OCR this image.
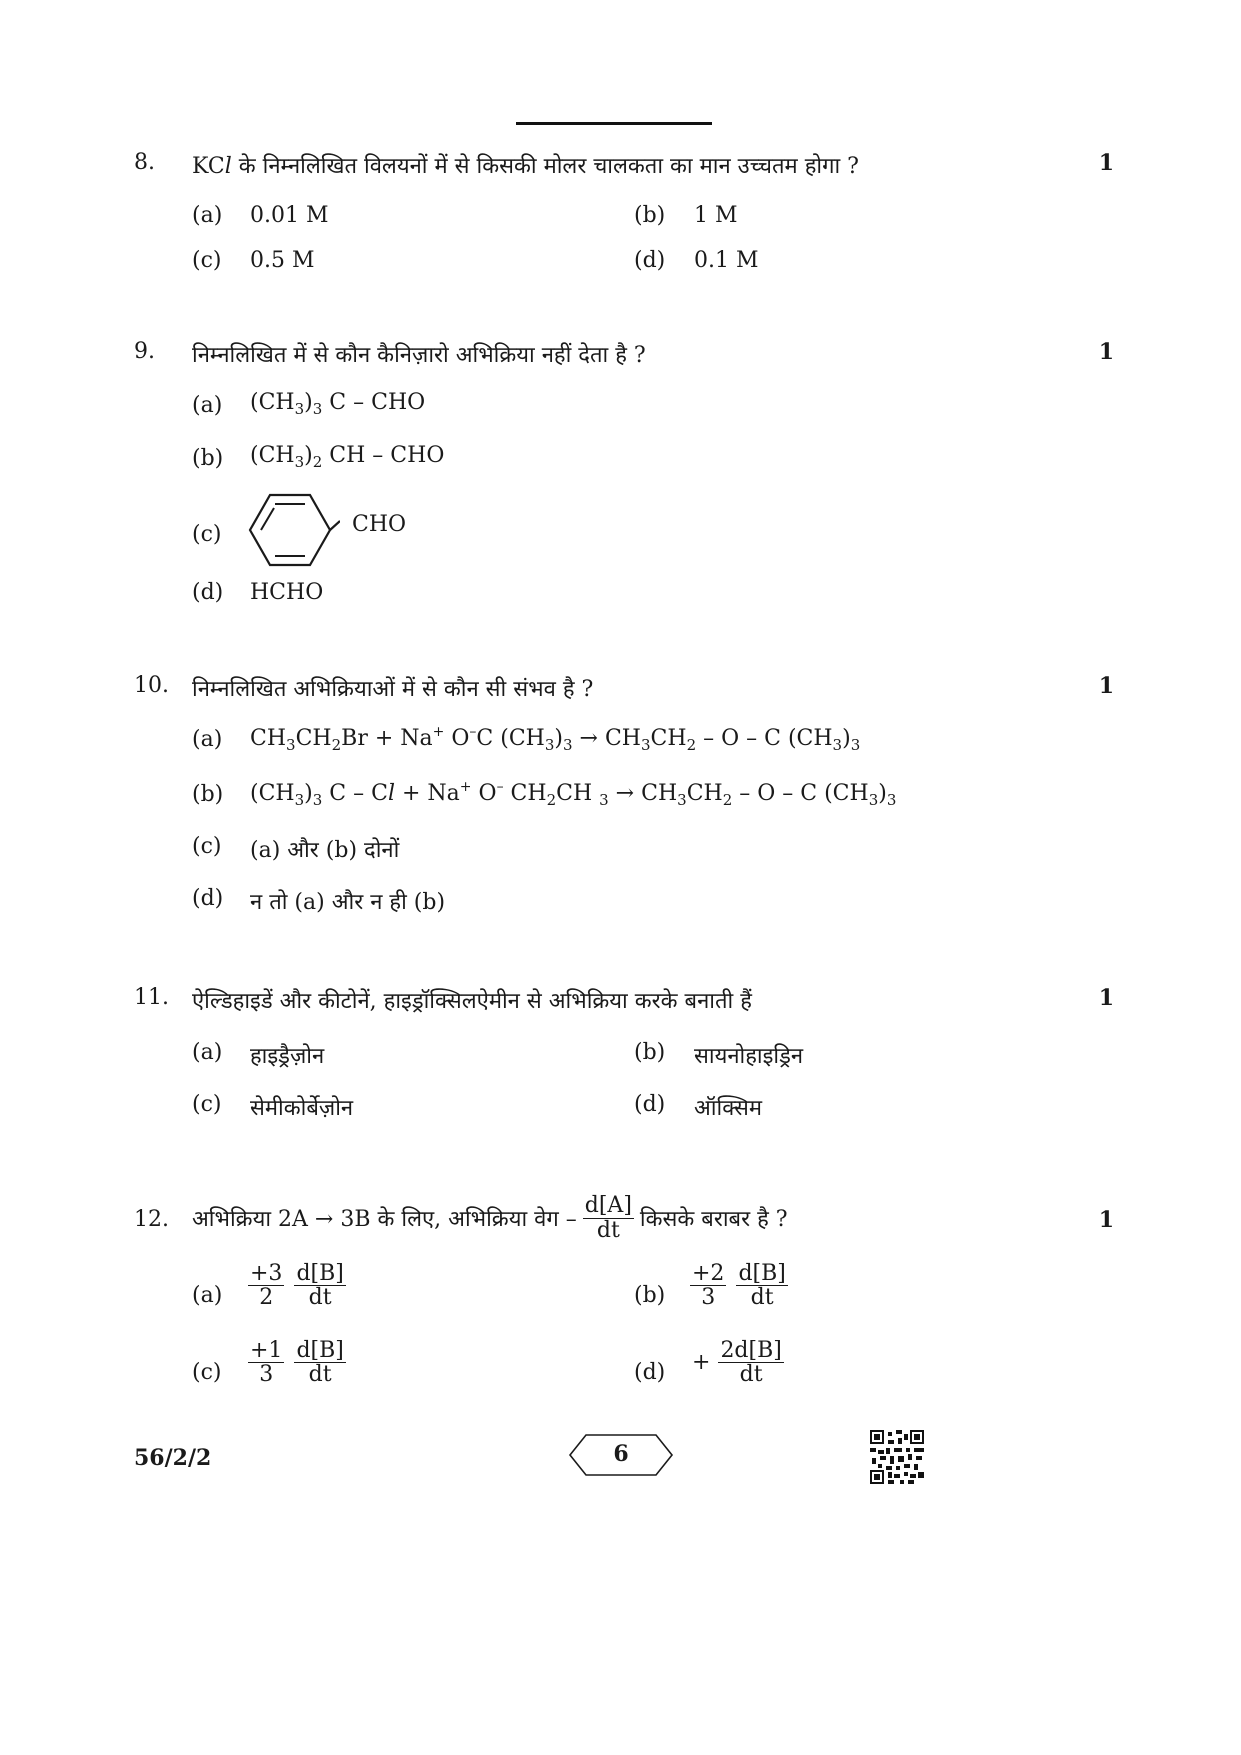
8. KCl के निम्नलिखित विलयनों में से किसकी मोलर चालकता का मान उच्चतम होगा ?	1
(a) 0.01 M	(b) 1 M
(c) 0.5 M	(d) 0.1 M
9. निम्नलिखित में से कौन कैनिज़ारो अभिक्रिया नहीं देता है ?	1
(a) $(CH_3)_3$ C – CHO
(b) $(CH_3)_2$ CH – CHO
(c)	CHO
(d) HCHO
10. निम्नलिखित अभिक्रियाओं में से कौन सी संभव है ?	1
(a) $CH_3CH_2Br + Na^+$ O–C $(CH_3)_3 \to CH_3CH_2 - O - C$ $(CH_3)_3$
(b) $(CH_3)_3$ C – Cl + Na+ O– $CH_2CH$ $_3 \to CH_3CH_2 - O - C$ $(CH_3)_3$
(c) (a) और (b) दोनों
(d) न तो (a) और न ही (b)
11. ऐल्डिहाइडें और कीटोनें, हाइड्रॉक्सिलऐमीन से अभिक्रिया करके बनाती हैं	1
(a) हाइड्रैज़ोन	(b) सायनोहाइड्रिन
(c) सेमीकोर्बेज़ोन	(d) ऑक्सिम
12. अभिक्रिया 2A → 3B के लिए, अभिक्रिया वेग – $\frac{d[A]}{dt}$ किसके बराबर है ?	1
$(a) \frac{+3}{2} \frac{d[B]}{dt}$	$(b) \frac{+2}{3} \frac{d[B]}{dt}$
$(c) \frac{+1}{3} \frac{d[B]}{dt}$	$(d) + \frac{2d[B]}{dt}$
56/2/2	6
